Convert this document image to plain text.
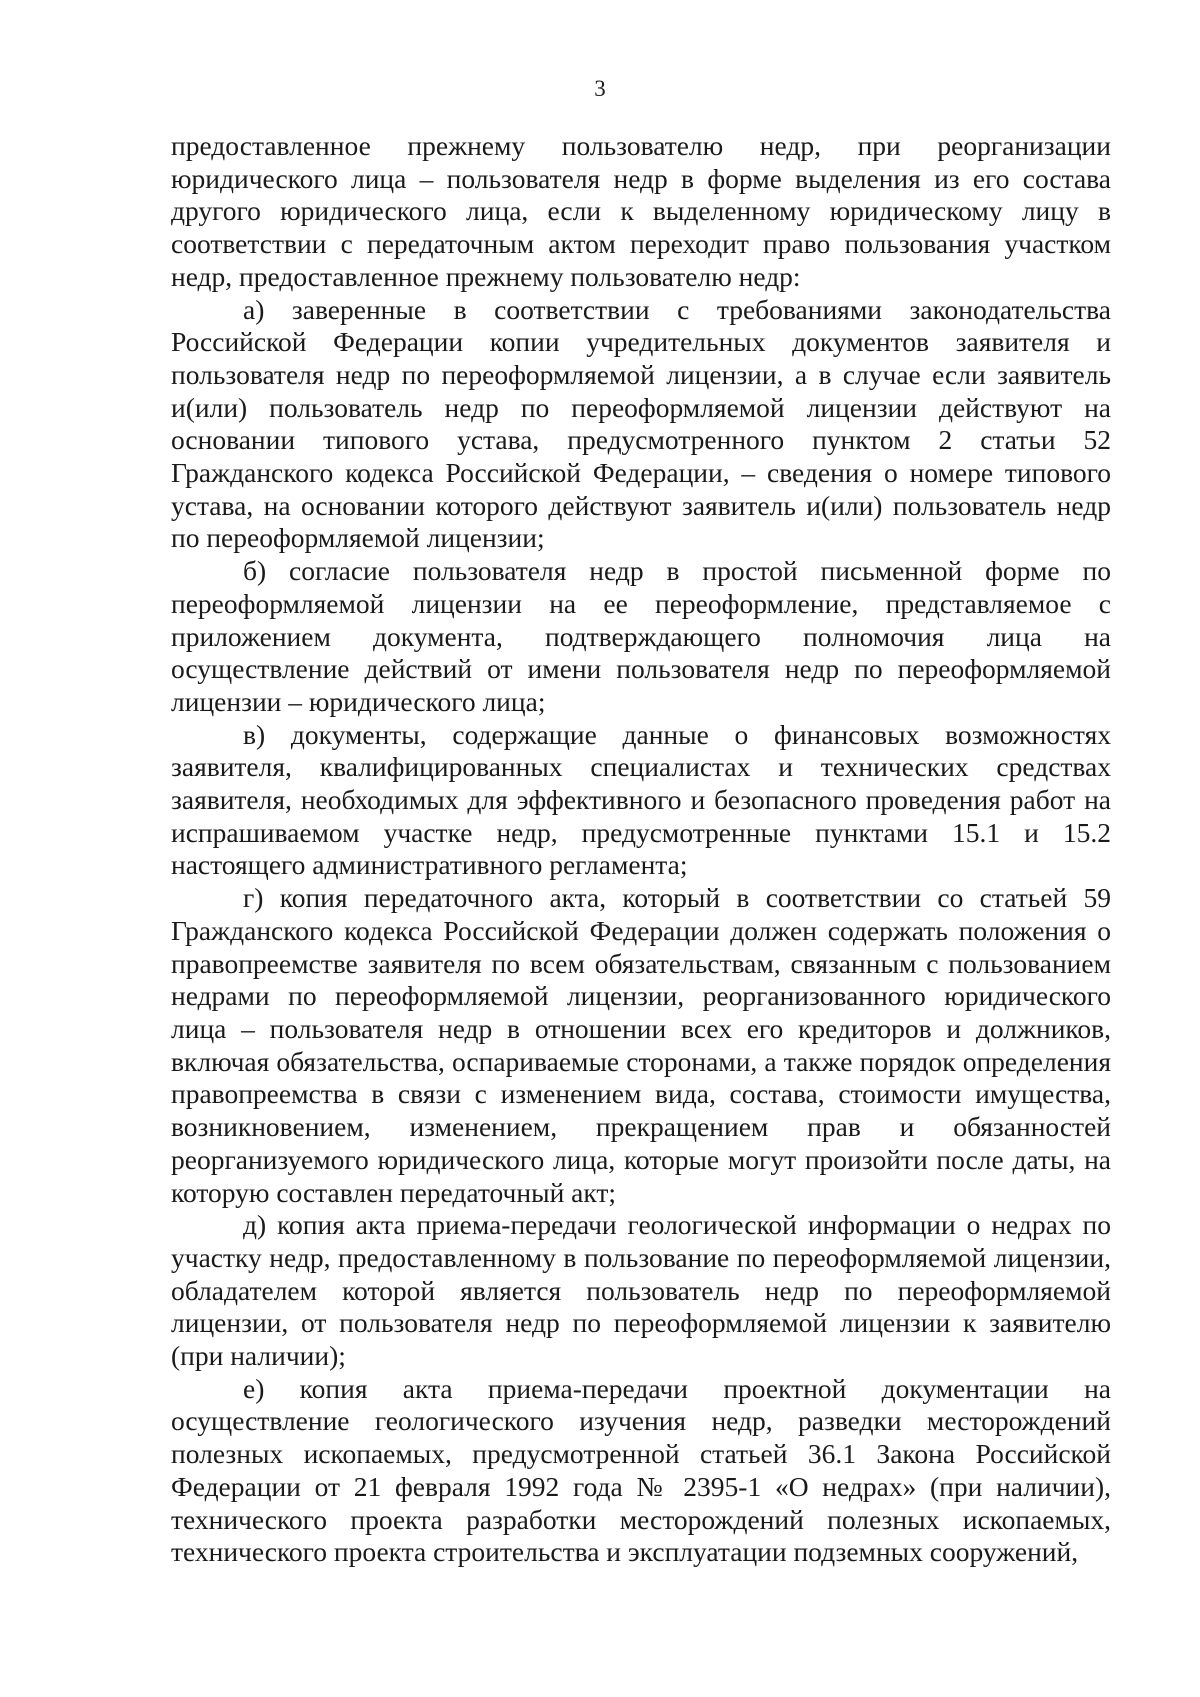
3

предоставленное прежнему пользователю недр, при реорганизации юридического лица – пользователя недр в форме выделения из его состава другого юридического лица, если к выделенному юридическому лицу в соответствии с передаточным актом переходит право пользования участком недр, предоставленное прежнему пользователю недр:

а) заверенные в соответствии с требованиями законодательства Российской Федерации копии учредительных документов заявителя и пользователя недр по переоформляемой лицензии, а в случае если заявитель и(или) пользователь недр по переоформляемой лицензии действуют на основании типового устава, предусмотренного пунктом 2 статьи 52 Гражданского кодекса Российской Федерации, – сведения о номере типового устава, на основании которого действуют заявитель и(или) пользователь недр по переоформляемой лицензии;

б) согласие пользователя недр в простой письменной форме по переоформляемой лицензии на ее переоформление, представляемое с приложением документа, подтверждающего полномочия лица на осуществление действий от имени пользователя недр по переоформляемой лицензии – юридического лица;

в) документы, содержащие данные о финансовых возможностях заявителя, квалифицированных специалистах и технических средствах заявителя, необходимых для эффективного и безопасного проведения работ на испрашиваемом участке недр, предусмотренные пунктами 15.1 и 15.2 настоящего административного регламента;

г) копия передаточного акта, который в соответствии со статьей 59 Гражданского кодекса Российской Федерации должен содержать положения о правопреемстве заявителя по всем обязательствам, связанным с пользованием недрами по переоформляемой лицензии, реорганизованного юридического лица – пользователя недр в отношении всех его кредиторов и должников, включая обязательства, оспариваемые сторонами, а также порядок определения правопреемства в связи с изменением вида, состава, стоимости имущества, возникновением, изменением, прекращением прав и обязанностей реорганизуемого юридического лица, которые могут произойти после даты, на которую составлен передаточный акт;

д) копия акта приема-передачи геологической информации о недрах по участку недр, предоставленному в пользование по переоформляемой лицензии, обладателем которой является пользователь недр по переоформляемой лицензии, от пользователя недр по переоформляемой лицензии к заявителю (при наличии);

е) копия акта приема-передачи проектной документации на осуществление геологического изучения недр, разведки месторождений полезных ископаемых, предусмотренной статьей 36.1 Закона Российской Федерации от 21 февраля 1992 года № 2395-1 «О недрах» (при наличии), технического проекта разработки месторождений полезных ископаемых, технического проекта строительства и эксплуатации подземных сооружений,
